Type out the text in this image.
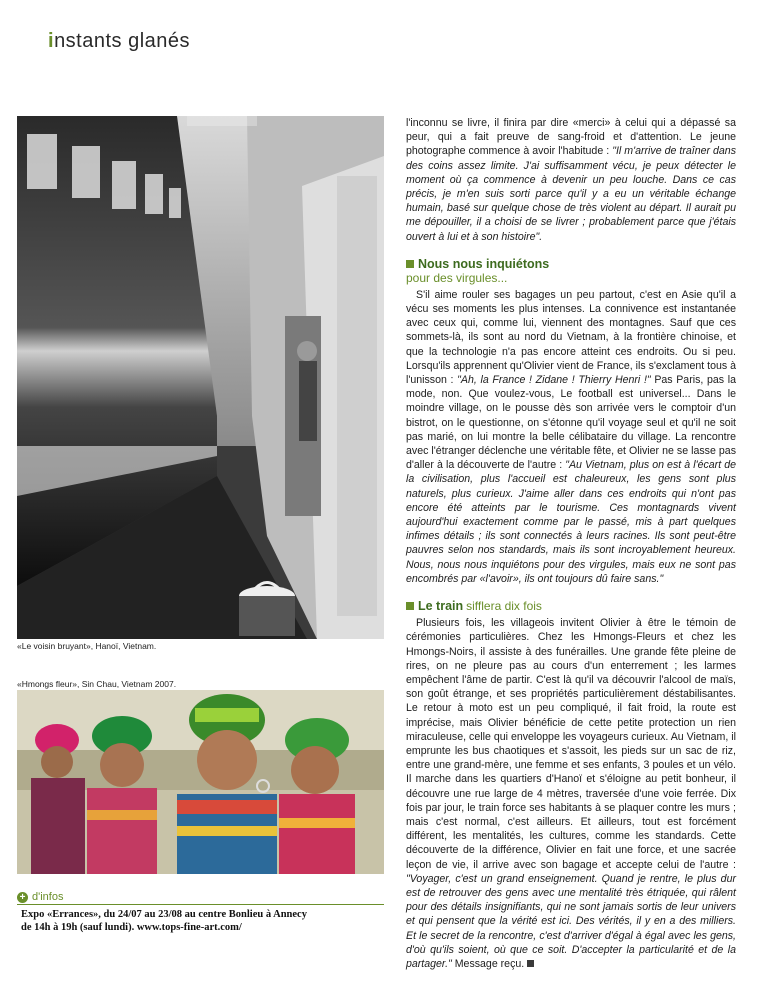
instants glanés
«Le voisin bruyant», Hanoï, Vietnam.
«Hmongs fleur», Sin Chau, Vietnam 2007.
+ d'infos
Expo «Errances», du 24/07 au 23/08 au centre Bonlieu à Annecy
de 14h à 19h (sauf lundi). www.tops-fine-art.com/

l'inconnu se livre, il finira par dire «merci» à celui qui a dépassé sa peur, qui a fait preuve de sang-froid et d'attention. Le jeune photographe commence à avoir l'habitude : "Il m'arrive de traîner dans des coins assez limite. J'ai suffisamment vécu, je peux détecter le moment où ça commence à devenir un peu louche. Dans ce cas précis, je m'en suis sorti parce qu'il y a eu un véritable échange humain, basé sur quelque chose de très violent au départ. Il aurait pu me dépouiller, il a choisi de se livrer ; probablement parce que j'étais ouvert à lui et à son histoire".

Nous nous inquiétons
pour des virgules...

S'il aime rouler ses bagages un peu partout, c'est en Asie qu'il a vécu ses moments les plus intenses. La connivence est instantanée avec ceux qui, comme lui, viennent des montagnes. Sauf que ces sommets-là, ils sont au nord du Vietnam, à la frontière chinoise, et que la technologie n'a pas encore atteint ces endroits. Ou si peu. Lorsqu'ils apprennent qu'Olivier vient de France, ils s'exclament tous à l'unisson : "Ah, la France ! Zidane ! Thierry Henri !" Pas Paris, pas la mode, non. Que voulez-vous, Le football est universel... Dans le moindre village, on le pousse dès son arrivée vers le comptoir d'un bistrot, on le questionne, on s'étonne qu'il voyage seul et qu'il ne soit pas marié, on lui montre la belle célibataire du village. La rencontre avec l'étranger déclenche une véritable fête, et Olivier ne se lasse pas d'aller à la découverte de l'autre : "Au Vietnam, plus on est à l'écart de la civilisation, plus l'accueil est chaleureux, les gens sont plus naturels, plus curieux. J'aime aller dans ces endroits qui n'ont pas encore été atteints par le tourisme. Ces montagnards vivent aujourd'hui exactement comme par le passé, mis à part quelques infimes détails ; ils sont connectés à leurs racines. Ils sont peut-être pauvres selon nos standards, mais ils sont incroyablement heureux. Nous, nous nous inquiétons pour des virgules, mais eux ne sont pas encombrés par «l'avoir», ils ont toujours dû faire sans."

Le train sifflera dix fois

Plusieurs fois, les villageois invitent Olivier à être le témoin de cérémonies particulières. Chez les Hmongs-Fleurs et chez les Hmongs-Noirs, il assiste à des funérailles. Une grande fête pleine de rires, on ne pleure pas au cours d'un enterrement ; les larmes empêchent l'âme de partir. C'est là qu'il va découvrir l'alcool de maïs, son goût étrange, et ses propriétés particulièrement déstabilisantes. Le retour à moto est un peu compliqué, il fait froid, la route est imprécise, mais Olivier bénéficie de cette petite protection un rien miraculeuse, celle qui enveloppe les voyageurs curieux. Au Vietnam, il emprunte les bus chaotiques et s'assoit, les pieds sur un sac de riz, entre une grand-mère, une femme et ses enfants, 3 poules et un vélo. Il marche dans les quartiers d'Hanoï et s'éloigne au petit bonheur, il découvre une rue large de 4 mètres, traversée d'une voie ferrée. Dix fois par jour, le train force ses habitants à se plaquer contre les murs ; mais c'est normal, c'est ailleurs. Et ailleurs, tout est forcément différent, les mentalités, les cultures, comme les standards. Cette découverte de la différence, Olivier en fait une force, et une sacrée leçon de vie, il arrive avec son bagage et accepte celui de l'autre : "Voyager, c'est un grand enseignement. Quand je rentre, le plus dur est de retrouver des gens avec une mentalité très étriquée, qui râlent pour des détails insignifiants, qui ne sont jamais sortis de leur univers et qui pensent que la vérité est ici. Des vérités, il y en a des milliers. Et le secret de la rencontre, c'est d'arriver d'égal à égal avec les gens, d'où qu'ils soient, où que ce soit. D'accepter la particularité et de la partager." Message reçu.
